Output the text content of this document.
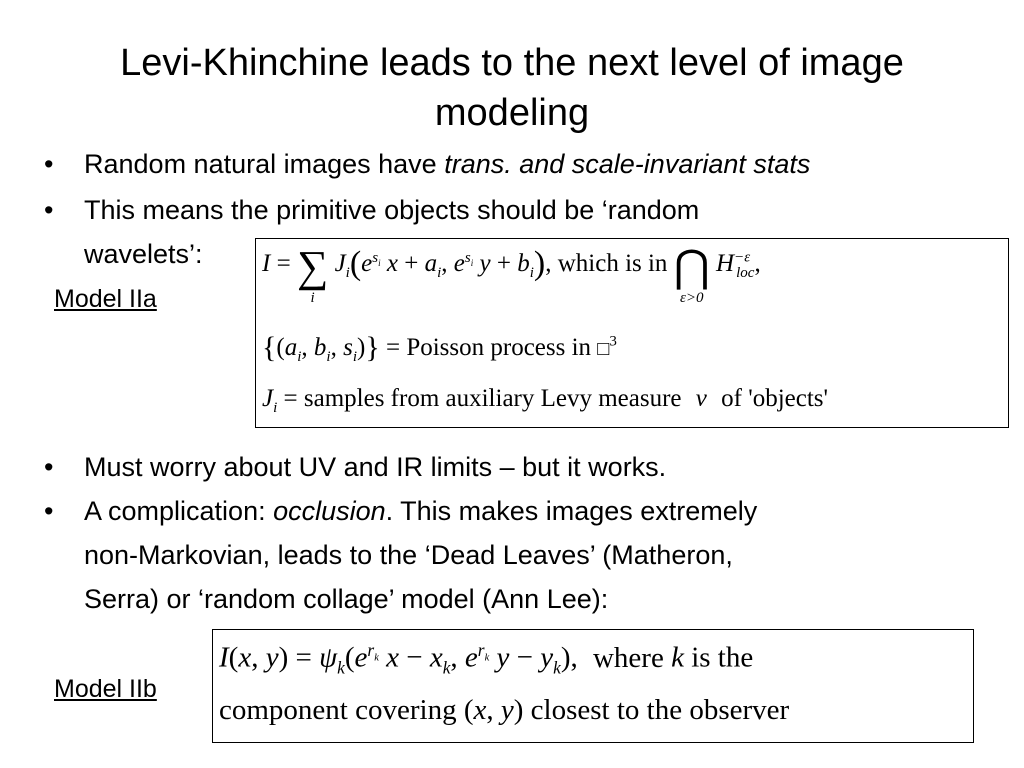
Levi-Khinchine leads to the next level of image modeling
• Random natural images have trans. and scale-invariant stats
• This means the primitive objects should be ‘random
wavelets’:
Model IIa
I = ∑
i
$J_i(e^{s_i}$ $x + a_i$, $e^{s_i}$ $y + b_i$), which is in ⋂
ε>0
$H^{-\varepsilon}_{loc}$,
{($a_i$, $b_i$, $s_i$)} = Poisson process in □$^3$
$J_i$ = samples from auxiliary Levy measure ν of 'objects'
• Must worry about UV and IR limits – but it works.
• A complication: occlusion. This makes images extremely
non-Markovian, leads to the ‘Dead Leaves’ (Matheron,
Serra) or ‘random collage’ model (Ann Lee):
Model IIb
I(x, $y) = \psi_k(e^{r_k}$ $x - x_k$, $e^{r_k}$ $y - y_k$), where k is the
component covering (x, y) closest to the observer
